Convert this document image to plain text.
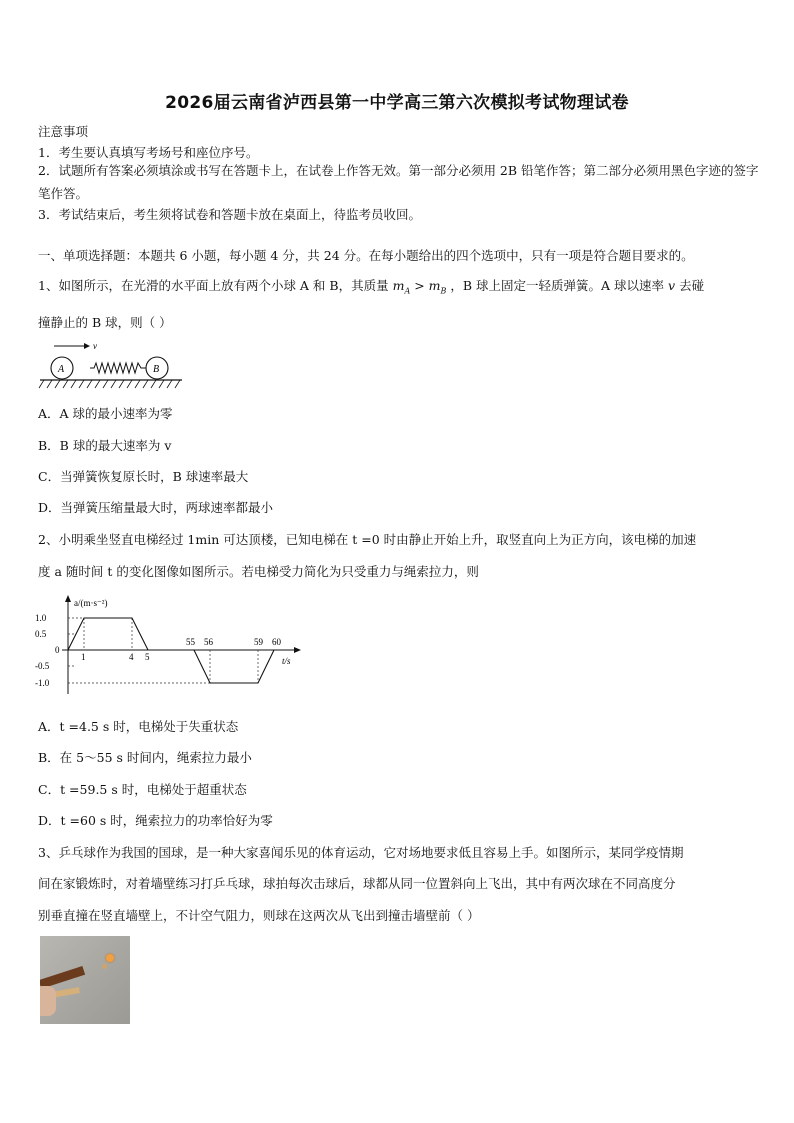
2026届云南省泸西县第一中学高三第六次模拟考试物理试卷
注意事项
1．考生要认真填写考场号和座位序号。
2．试题所有答案必须填涂或书写在答题卡上，在试卷上作答无效。第一部分必须用 2B 铅笔作答；第二部分必须用黑色字迹的签字笔作答。
3．考试结束后，考生须将试卷和答题卡放在桌面上，待监考员收回。
一、单项选择题：本题共 6 小题，每小题 4 分，共 24 分。在每小题给出的四个选项中，只有一项是符合题目要求的。
1、如图所示，在光滑的水平面上放有两个小球 A 和 B，其质量 $m_A > m_B$ ，B 球上固定一轻质弹簧。A 球以速率 v 去碰
撞静止的 B 球，则（ ）
v
A	B
A．A 球的最小速率为零
B．B 球的最大速率为 v
C．当弹簧恢复原长时，B 球速率最大
D．当弹簧压缩量最大时，两球速率都最小
2、小明乘坐竖直电梯经过 1min 可达顶楼，已知电梯在 t =0 时由静止开始上升，取竖直向上为正方向，该电梯的加速
度 a 随时间 t 的变化图像如图所示。若电梯受力简化为只受重力与绳索拉力，则
a/(m·s⁻²)
t/s
1.0
0.5
0
-0.5
-1.0
1	4 5
55 56	59 60
A．t =4.5 s 时，电梯处于失重状态
B．在 5～55 s 时间内，绳索拉力最小
C．t =59.5 s 时，电梯处于超重状态
D．t =60 s 时，绳索拉力的功率恰好为零
3、乒乓球作为我国的国球，是一种大家喜闻乐见的体育运动，它对场地要求低且容易上手。如图所示，某同学疫情期
间在家锻炼时，对着墙壁练习打乒乓球，球拍每次击球后，球都从同一位置斜向上飞出，其中有两次球在不同高度分
别垂直撞在竖直墙壁上，不计空气阻力，则球在这两次从飞出到撞击墙壁前（ ）
